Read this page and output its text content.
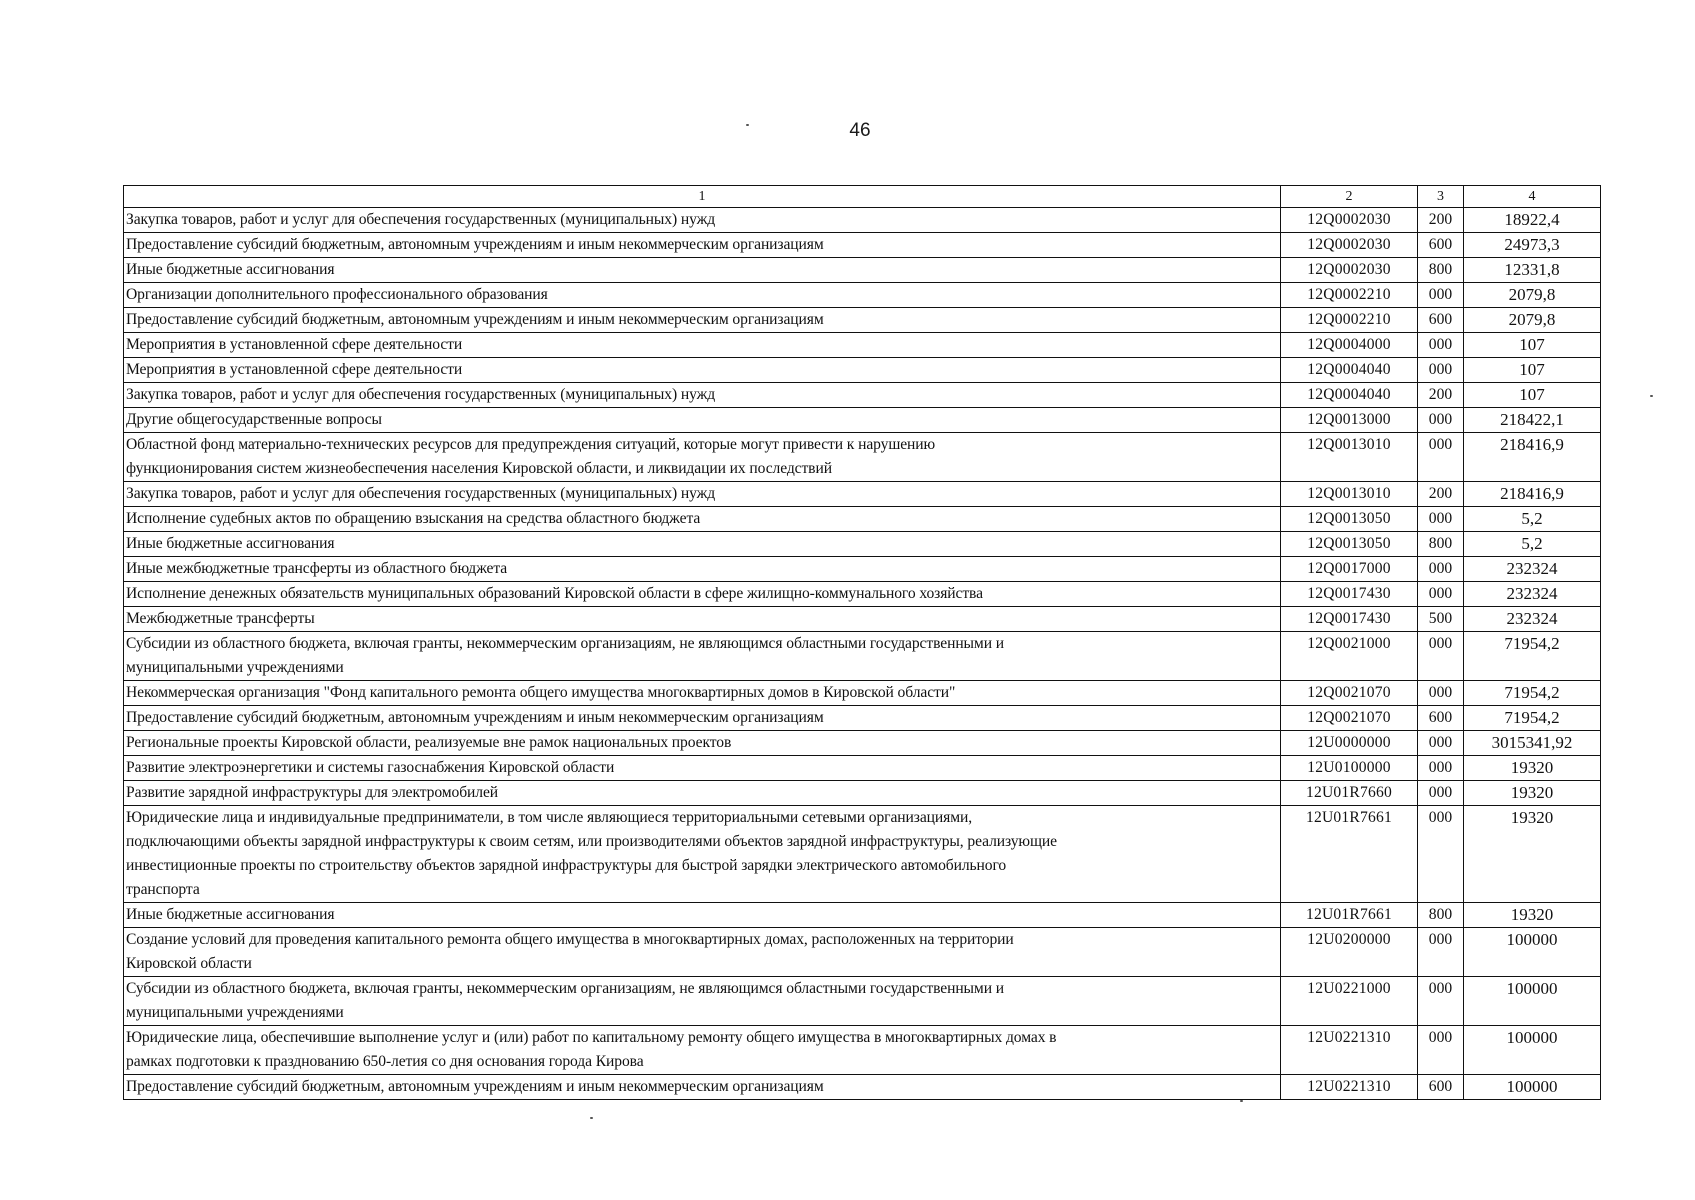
46
1	2	3	4
Закупка товаров, работ и услуг для обеспечения государственных (муниципальных) нужд	12Q0002030	200	18922,4
Предоставление субсидий бюджетным, автономным учреждениям и иным некоммерческим организациям	12Q0002030	600	24973,3
Иные бюджетные ассигнования	12Q0002030	800	12331,8
Организации дополнительного профессионального образования	12Q0002210	000	2079,8
Предоставление субсидий бюджетным, автономным учреждениям и иным некоммерческим организациям	12Q0002210	600	2079,8
Мероприятия в установленной сфере деятельности	12Q0004000	000	107
Мероприятия в установленной сфере деятельности	12Q0004040	000	107
Закупка товаров, работ и услуг для обеспечения государственных (муниципальных) нужд	12Q0004040	200	107
Другие общегосударственные вопросы	12Q0013000	000	218422,1
Областной фонд материально-технических ресурсов для предупреждения ситуаций, которые могут привести к нарушению
функционирования систем жизнеобеспечения населения Кировской области, и ликвидации их последствий	12Q0013010	000	218416,9
Закупка товаров, работ и услуг для обеспечения государственных (муниципальных) нужд	12Q0013010	200	218416,9
Исполнение судебных актов по обращению взыскания на средства областного бюджета	12Q0013050	000	5,2
Иные бюджетные ассигнования	12Q0013050	800	5,2
Иные межбюджетные трансферты из областного бюджета	12Q0017000	000	232324
Исполнение денежных обязательств муниципальных образований Кировской области в сфере жилищно-коммунального хозяйства	12Q0017430	000	232324
Межбюджетные трансферты	12Q0017430	500	232324
Субсидии из областного бюджета, включая гранты, некоммерческим организациям, не являющимся областными государственными и
муниципальными учреждениями	12Q0021000	000	71954,2
Некоммерческая организация "Фонд капитального ремонта общего имущества многоквартирных домов в Кировской области"	12Q0021070	000	71954,2
Предоставление субсидий бюджетным, автономным учреждениям и иным некоммерческим организациям	12Q0021070	600	71954,2
Региональные проекты Кировской области, реализуемые вне рамок национальных проектов	12U0000000	000	3015341,92
Развитие электроэнергетики и системы газоснабжения Кировской области	12U0100000	000	19320
Развитие зарядной инфраструктуры для электромобилей	12U01R7660	000	19320
Юридические лица и индивидуальные предприниматели, в том числе являющиеся территориальными сетевыми организациями,
подключающими объекты зарядной инфраструктуры к своим сетям, или производителями объектов зарядной инфраструктуры, реализующие
инвестиционные проекты по строительству объектов зарядной инфраструктуры для быстрой зарядки электрического автомобильного
транспорта	12U01R7661	000	19320
Иные бюджетные ассигнования	12U01R7661	800	19320
Создание условий для проведения капитального ремонта общего имущества в многоквартирных домах, расположенных на территории
Кировской области	12U0200000	000	100000
Субсидии из областного бюджета, включая гранты, некоммерческим организациям, не являющимся областными государственными и
муниципальными учреждениями	12U0221000	000	100000
Юридические лица, обеспечившие выполнение услуг и (или) работ по капитальному ремонту общего имущества в многоквартирных домах в
рамках подготовки к празднованию 650-летия со дня основания города Кирова	12U0221310	000	100000
Предоставление субсидий бюджетным, автономным учреждениям и иным некоммерческим организациям	12U0221310	600	100000
